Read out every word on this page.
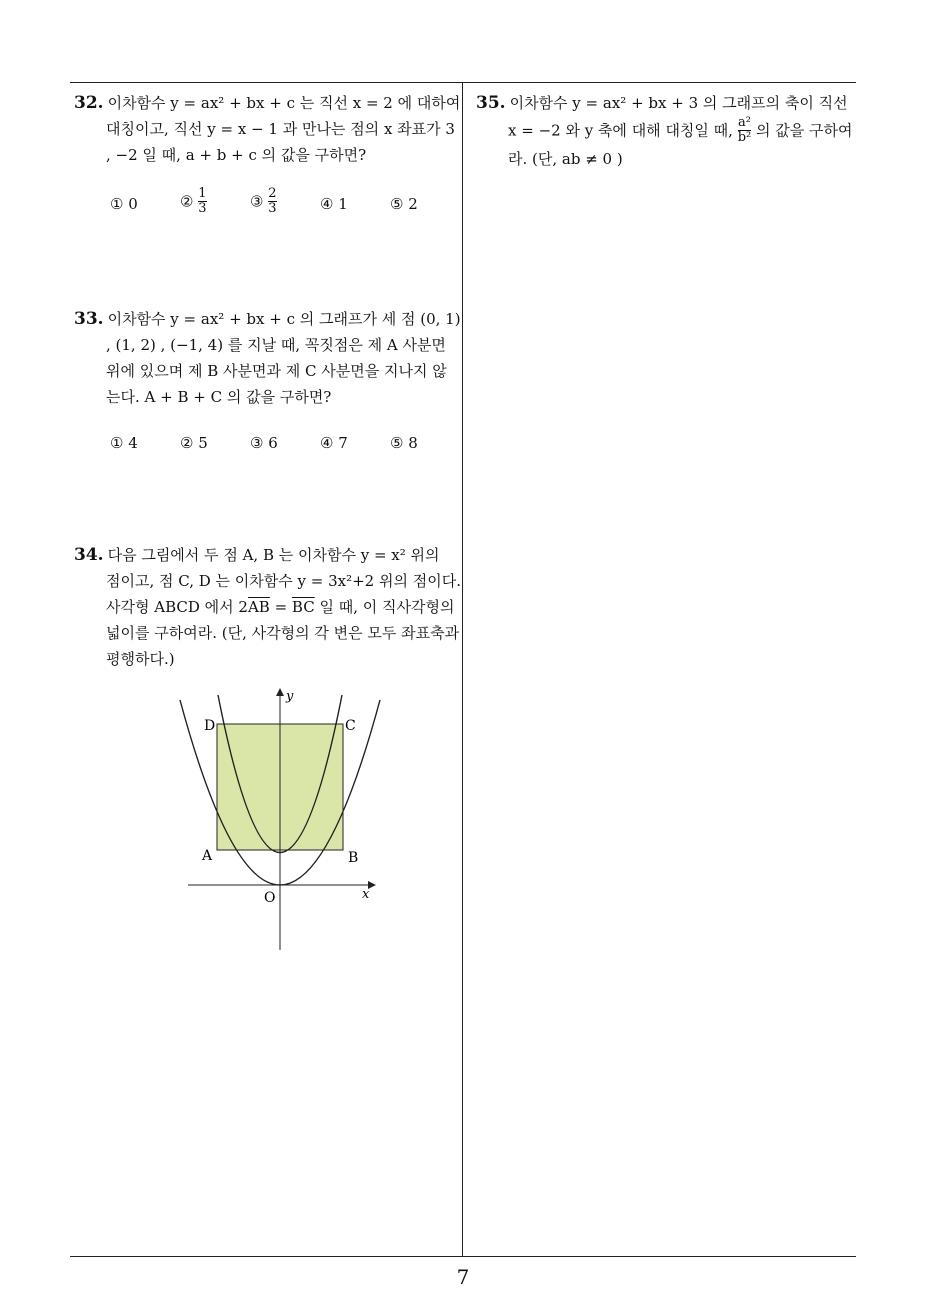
32. 이차함수 y = ax² + bx + c 는 직선 x = 2 에 대하여
대칭이고, 직선 y = x − 1 과 만나는 점의 x 좌표가 3
, −2 일 때, a + b + c 의 값을 구하면?
① 0	② $\frac{1}{3}$	③ $\frac{2}{3}$	④ 1	⑤ 2
33. 이차함수 y = ax² + bx + c 의 그래프가 세 점 (0, 1)
, (1, 2) , (−1, 4) 를 지날 때, 꼭짓점은 제 A 사분면
위에 있으며 제 B 사분면과 제 C 사분면을 지나지 않
는다. A + B + C 의 값을 구하면?
① 4	② 5	③ 6	④ 7	⑤ 8
34. 다음 그림에서 두 점 A, B 는 이차함수 y = x² 위의
점이고, 점 C, D 는 이차함수 y = 3x²+2 위의 점이다.
사각형 ABCD 에서 $2\overline{AB} = \overline{BC}$ 일 때, 이 직사각형의
넓이를 구하여라. (단, 사각형의 각 변은 모두 좌표축과
평행하다.)
D	C
A	B
O	x
y
35. 이차함수 y = ax² + bx + 3 의 그래프의 축이 직선
x = −2 와 y 축에 대해 대칭일 때, $\frac{\text{a²}}{\text{b²}}$ 의 값을 구하여
라. (단, ab ≠ 0 )
7
